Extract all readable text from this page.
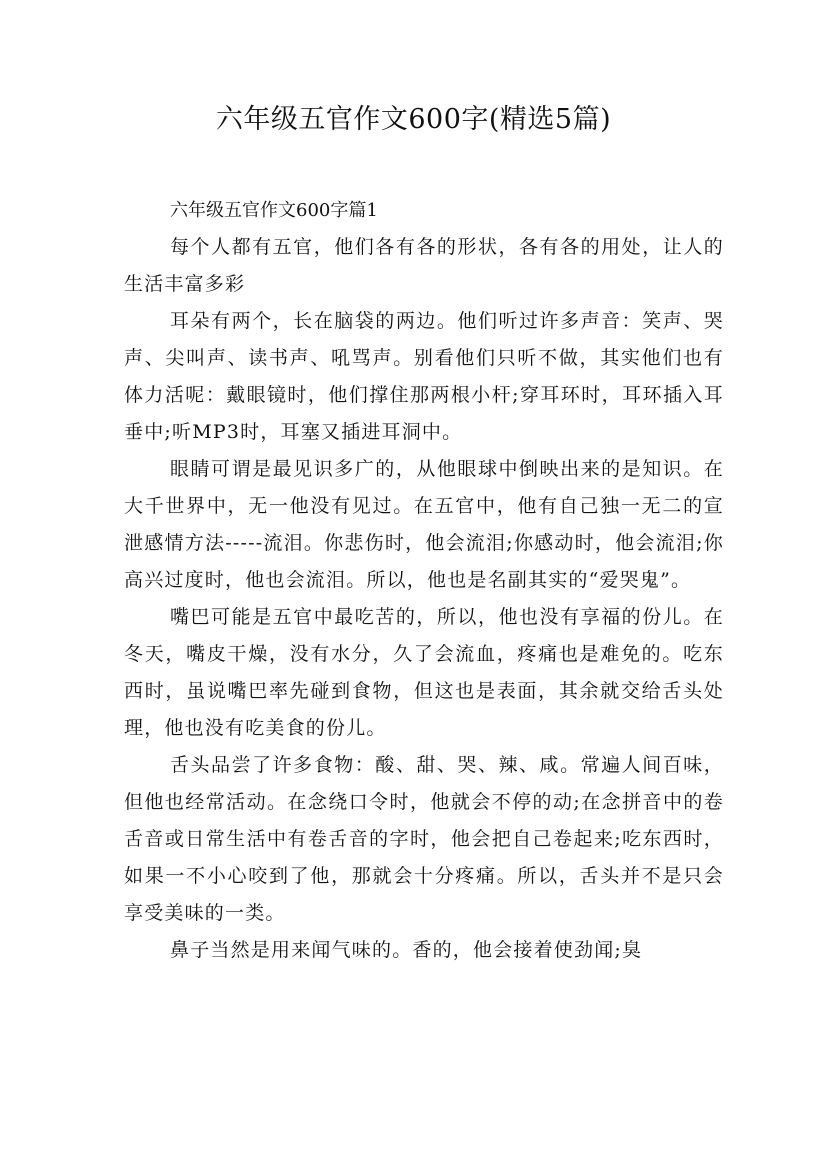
六年级五官作文600字(精选5篇)
六年级五官作文600字篇1

每个人都有五官，他们各有各的形状，各有各的用处，让人的生活丰富多彩

耳朵有两个，长在脑袋的两边。他们听过许多声音：笑声、哭声、尖叫声、读书声、吼骂声。别看他们只听不做，其实他们也有体力活呢：戴眼镜时，他们撑住那两根小杆;穿耳环时，耳环插入耳垂中;听MP3时，耳塞又插进耳洞中。

眼睛可谓是最见识多广的，从他眼球中倒映出来的是知识。在大千世界中，无一他没有见过。在五官中，他有自己独一无二的宣泄感情方法-----流泪。你悲伤时，他会流泪;你感动时，他会流泪;你高兴过度时，他也会流泪。所以，他也是名副其实的“爱哭鬼”。

嘴巴可能是五官中最吃苦的，所以，他也没有享福的份儿。在冬天，嘴皮干燥，没有水分，久了会流血，疼痛也是难免的。吃东西时，虽说嘴巴率先碰到食物，但这也是表面，其余就交给舌头处理，他也没有吃美食的份儿。

舌头品尝了许多食物：酸、甜、哭、辣、咸。常遍人间百味，但他也经常活动。在念绕口令时，他就会不停的动;在念拼音中的卷舌音或日常生活中有卷舌音的字时，他会把自己卷起来;吃东西时，如果一不小心咬到了他，那就会十分疼痛。所以，舌头并不是只会享受美味的一类。

鼻子当然是用来闻气味的。香的，他会接着使劲闻;臭
